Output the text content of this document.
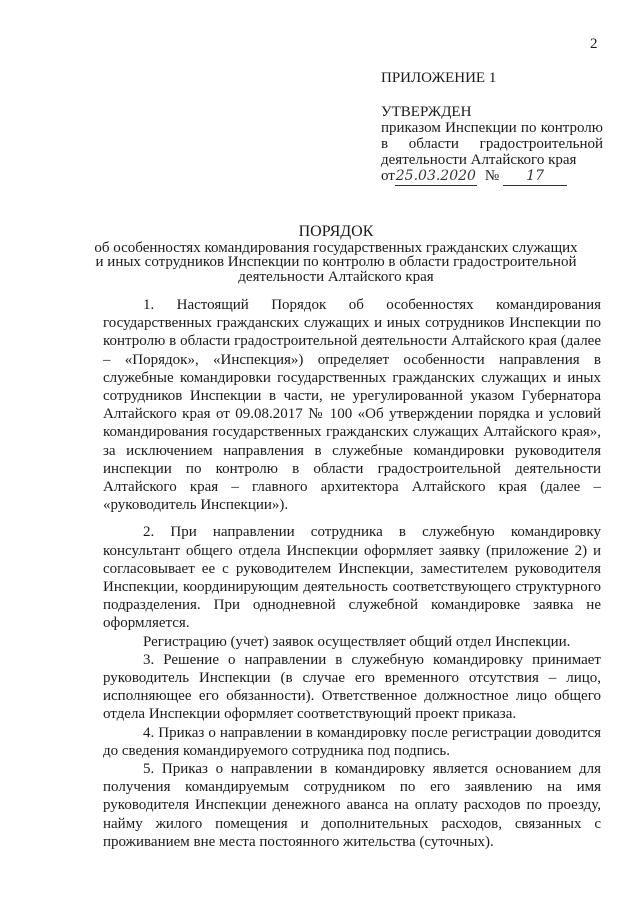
2
ПРИЛОЖЕНИЕ 1
УТВЕРЖДЕН
приказом Инспекции по контролю
в области градостроительной
деятельности Алтайского края
от 25.03.2020 №	17
ПОРЯДОК
об особенностях командирования государственных гражданских служащих
и иных сотрудников Инспекции по контролю в области градостроительной
деятельности Алтайского края

1. Настоящий Порядок об особенностях командирования государственных гражданских служащих и иных сотрудников Инспекции по контролю в области градостроительной деятельности Алтайского края (далее – «Порядок», «Инспекция») определяет особенности направления в служебные командировки государственных гражданских служащих и иных сотрудников Инспекции в части, не урегулированной указом Губернатора Алтайского края от 09.08.2017 № 100 «Об утверждении порядка и условий командирования государственных гражданских служащих Алтайского края», за исключением направления в служебные командировки руководителя инспекции по контролю в области градостроительной деятельности Алтайского края – главного архитектора Алтайского края (далее – «руководитель Инспекции»).

2. При направлении сотрудника в служебную командировку консультант общего отдела Инспекции оформляет заявку (приложение 2) и согласовывает ее с руководителем Инспекции, заместителем руководителя Инспекции, координирующим деятельность соответствующего структурного подразделения. При однодневной служебной командировке заявка не оформляется.

Регистрацию (учет) заявок осуществляет общий отдел Инспекции.

3. Решение о направлении в служебную командировку принимает руководитель Инспекции (в случае его временного отсутствия – лицо, исполняющее его обязанности). Ответственное должностное лицо общего отдела Инспекции оформляет соответствующий проект приказа.

4. Приказ о направлении в командировку после регистрации доводится до сведения командируемого сотрудника под подпись.

5. Приказ о направлении в командировку является основанием для получения командируемым сотрудником по его заявлению на имя руководителя Инспекции денежного аванса на оплату расходов по проезду, найму жилого помещения и дополнительных расходов, связанных с проживанием вне места постоянного жительства (суточных).
